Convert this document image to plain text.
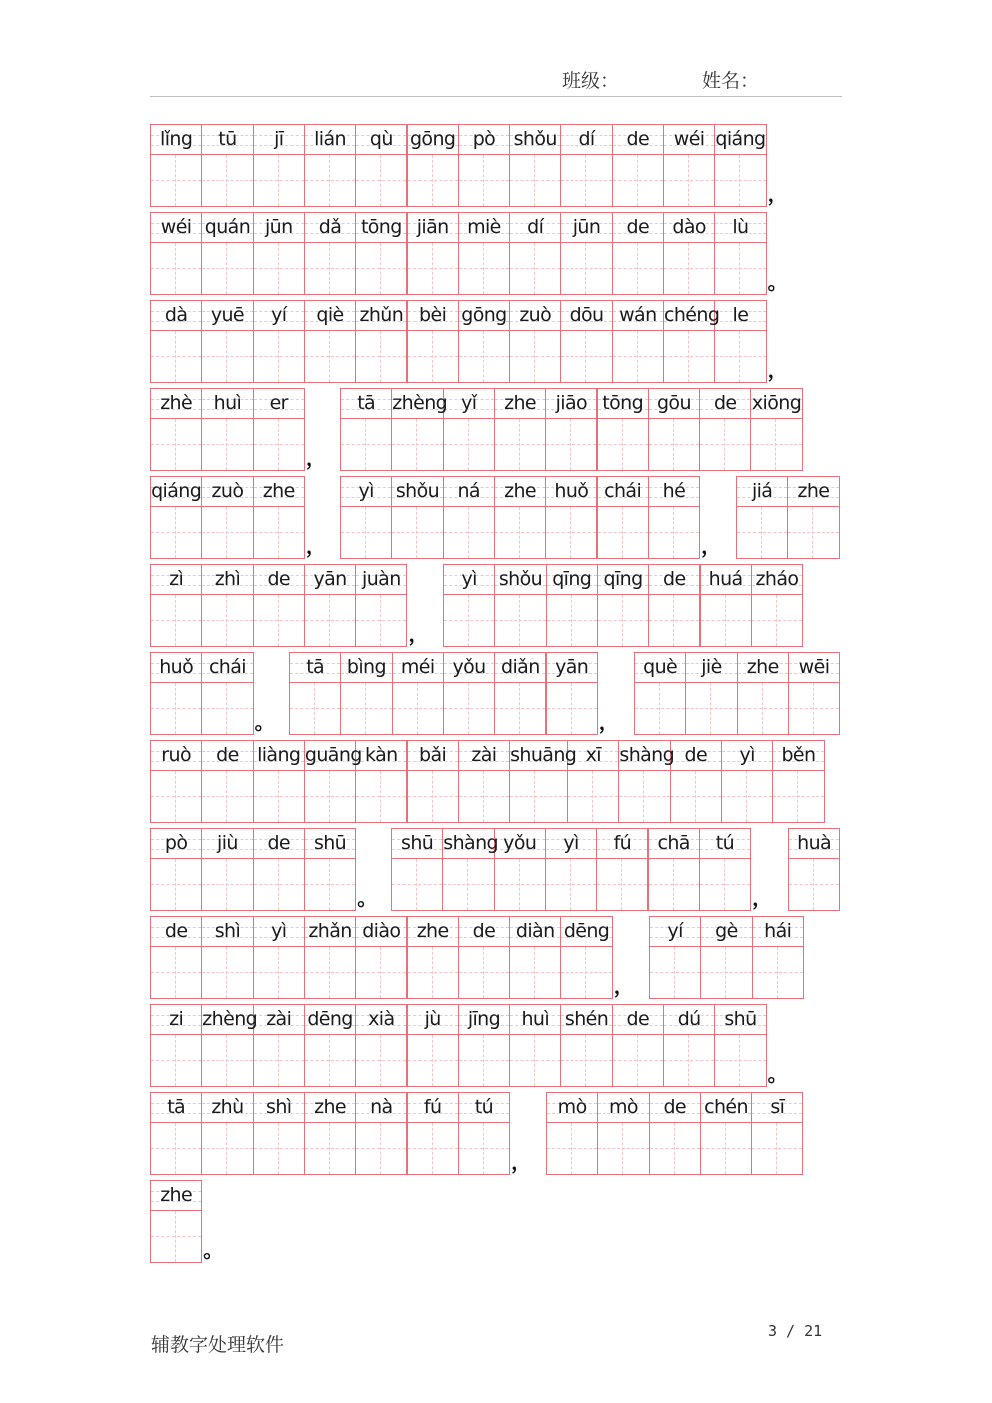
班级：	姓名：
lǐng	tū	jī	lián	qù gōng pò shǒu	dí	de	wéi qiáng
，
wéi quán jūn	dǎ	tōng jiān miè	dí	jūn	de	dào	lù
。
dà	yuē	yí	qiè zhǔn bèi gōng zuò dōu wán chéng le
，
zhè	huì	er
，
tā zhèng yǐ	zhe	jiāo tōng gōu	de xiōng
qiáng zuò	zhe
，
yì	shǒu ná	zhe huǒ chái	hé
，
jiá	zhe
zì	zhì	de	yān juàn
，
yì	shǒu qīng qīng	de	huá zháo
huǒ chái
。
tā	bìng méi yǒu diǎn yān
，
què	jiè	zhe	wēi
ruò	de liàng guāng kàn	bǎi	zài shuāng xī shàng de	yì	běn
pò	jiù	de	shū
。
shū shàng yǒu	yì	fú	chā	tú
，
huà
de	shì	yì	zhǎn diào zhe	de	diàn dēng
，
yí	gè	hái
zi	zhèng zài dēng xià	jù	jīng	huì shén de	dú	shū
。
tā	zhù	shì	zhe	nà	fú	tú
，
mò	mò	de chén	sī
zhe
。
辅教字处理软件
3 / 21
